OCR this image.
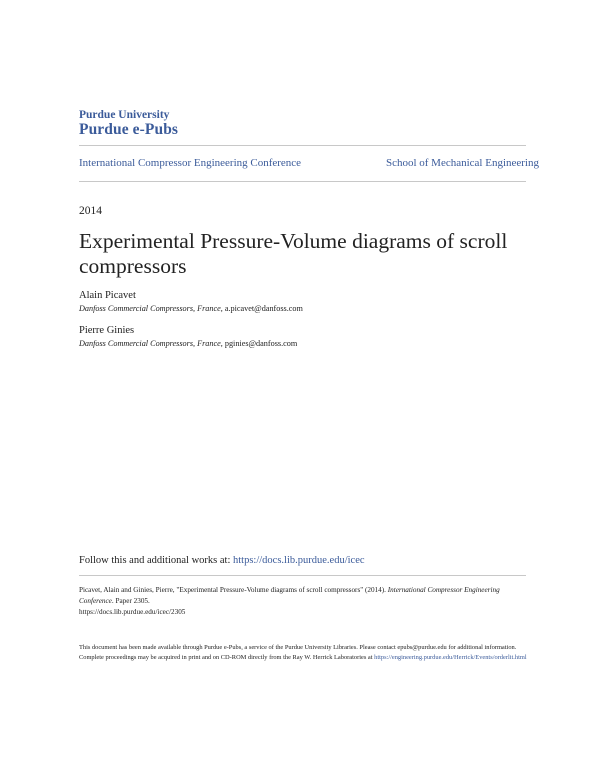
Purdue University
Purdue e-Pubs
International Compressor Engineering Conference	School of Mechanical Engineering
2014
Experimental Pressure-Volume diagrams of scroll compressors
Alain Picavet
Danfoss Commercial Compressors, France, a.picavet@danfoss.com
Pierre Ginies
Danfoss Commercial Compressors, France, pginies@danfoss.com
Follow this and additional works at: https://docs.lib.purdue.edu/icec
Picavet, Alain and Ginies, Pierre, "Experimental Pressure-Volume diagrams of scroll compressors" (2014). International Compressor Engineering Conference. Paper 2305.
https://docs.lib.purdue.edu/icec/2305
This document has been made available through Purdue e-Pubs, a service of the Purdue University Libraries. Please contact epubs@purdue.edu for additional information.
Complete proceedings may be acquired in print and on CD-ROM directly from the Ray W. Herrick Laboratories at https://engineering.purdue.edu/Herrick/Events/orderlit.html
